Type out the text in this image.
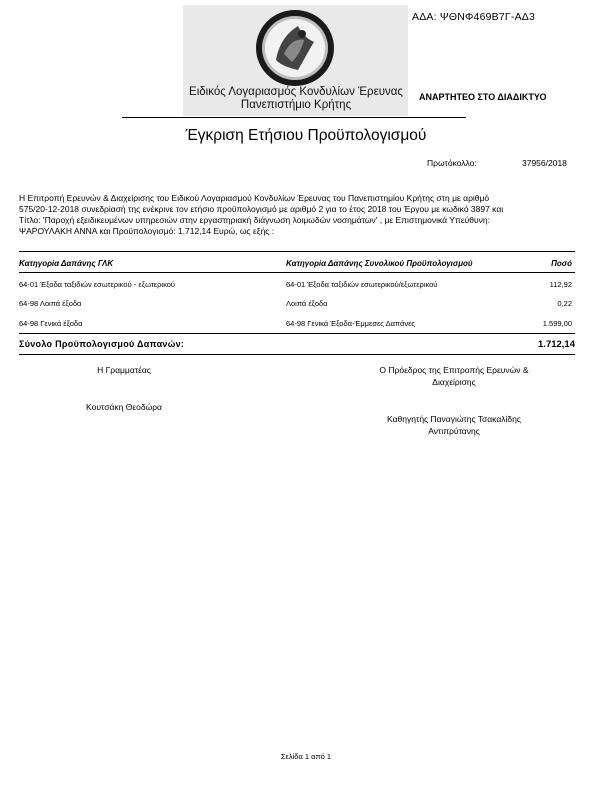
Ειδικός Λογαριασμός Κονδυλίων Έρευνας
Πανεπιστήμιο Κρήτης
ΑΔΑ: ΨΘΝΦ469Β7Γ-ΑΔ3
ΑΝΑΡΤΗΤΕΟ ΣΤΟ ΔΙΑΔΙΚΤΥΟ
Έγκριση Ετήσιου Προϋπολογισμού
Πρωτόκολλο:	37956/2018
Η Επιτροπή Ερευνών & Διαχείρισης του Ειδικού Λογαριασμού Κονδυλίων Έρευνας του Πανεπιστημίου Κρήτης στη με αριθμό
575/20-12-2018 συνεδρίασή της ενέκρινε τον ετήσιο προϋπολογισμό με αριθμό 2 για το έτος 2018 του Έργου με κωδικό 3897 και
Τίτλο: 'Παροχή εξειδικευμένων υπηρεσιών στην εργαστηριακή διάγνωση λοιμωδών νοσημάτων' , με Επιστημονικά Υπεύθυνη:
ΨΑΡΟΥΛΑΚΗ ΑΝΝΑ και Προϋπολογισμό: 1.712,14 Ευρώ, ως εξής :
Κατηγορία Δαπάνης ΓΛΚ	Κατηγορία Δαπάνης Συνολικού Προϋπολογισμού	Ποσό
64-01 Έξοδα ταξιδιών εσωτερικού - εξωτερικού	64-01 Έξοδα ταξιδιών εσωτερικού/εξωτερικού	112,92
64-98 Λοιπά έξοδα	Λοιπά έξοδα	0,22
64-98 Γενικά έξοδα	64-98 Γενικά Έξοδα-Έμμεσες Δαπάνες	1.599,00
Σύνολο Προϋπολογισμού Δαπανών:	1.712,14
Η Γραμματέας
Κουτσάκη Θεοδώρα
Ο Πρόεδρος της Επιτροπής Ερευνών &
Διαχείρισης
Καθηγητής Παναγιώτης Τσακαλίδης
Αντιπρύτανης
Σελίδα 1 από 1
